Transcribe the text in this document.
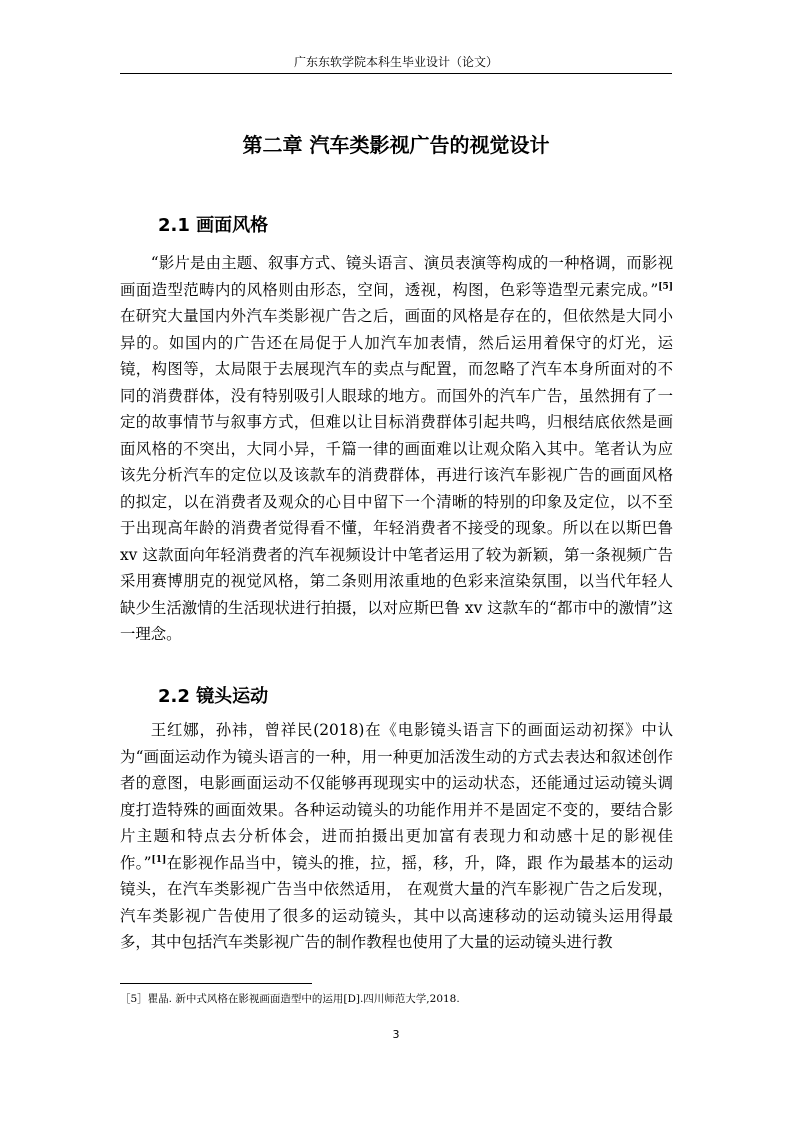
广东东软学院本科生毕业设计（论文）
第二章 汽车类影视广告的视觉设计
2.1 画面风格

“影片是由主题、叙事方式、镜头语言、演员表演等构成的一种格调，而影视画面造型范畴内的风格则由形态，空间，透视，构图，色彩等造型元素完成。”[5]在研究大量国内外汽车类影视广告之后，画面的风格是存在的，但依然是大同小异的。如国内的广告还在局促于人加汽车加表情，然后运用着保守的灯光，运镜，构图等，太局限于去展现汽车的卖点与配置，而忽略了汽车本身所面对的不同的消费群体，没有特别吸引人眼球的地方。而国外的汽车广告，虽然拥有了一定的故事情节与叙事方式，但难以让目标消费群体引起共鸣，归根结底依然是画面风格的不突出，大同小异，千篇一律的画面难以让观众陷入其中。笔者认为应该先分析汽车的定位以及该款车的消费群体，再进行该汽车影视广告的画面风格的拟定，以在消费者及观众的心目中留下一个清晰的特别的印象及定位，以不至于出现高年龄的消费者觉得看不懂，年轻消费者不接受的现象。所以在以斯巴鲁 xv 这款面向年轻消费者的汽车视频设计中笔者运用了较为新颖，第一条视频广告采用赛博朋克的视觉风格，第二条则用浓重地的色彩来渲染氛围，以当代年轻人缺少生活激情的生活现状进行拍摄，以对应斯巴鲁 xv 这款车的“都市中的激情”这一理念。

2.2 镜头运动

王红娜，孙祎，曾祥民(2018)在《电影镜头语言下的画面运动初探》中认为“画面运动作为镜头语言的一种，用一种更加活泼生动的方式去表达和叙述创作者的意图，电影画面运动不仅能够再现现实中的运动状态，还能通过运动镜头调度打造特殊的画面效果。各种运动镜头的功能作用并不是固定不变的，要结合影片主题和特点去分析体会，进而拍摄出更加富有表现力和动感十足的影视佳作。”[1]在影视作品当中，镜头的推，拉，摇，移，升，降，跟 作为最基本的运动镜头，在汽车类影视广告当中依然适用， 在观赏大量的汽车影视广告之后发现，汽车类影视广告使用了很多的运动镜头，其中以高速移动的运动镜头运用得最多，其中包括汽车类影视广告的制作教程也使用了大量的运动镜头进行教

［5］瞿晶. 新中式风格在影视画面造型中的运用[D].四川师范大学,2018.
3
